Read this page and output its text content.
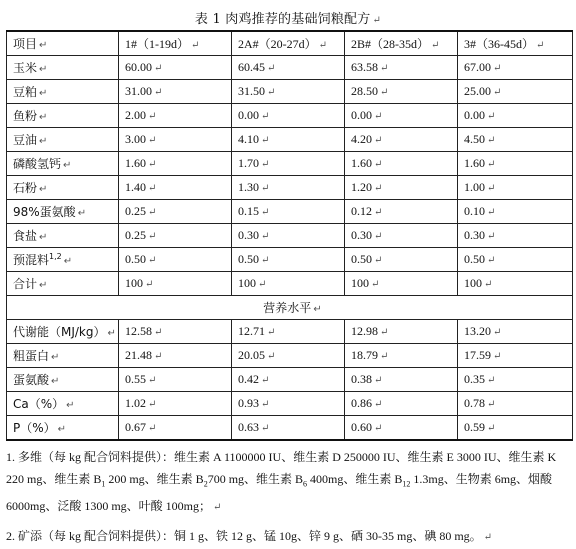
表 1 肉鸡推荐的基础饲粮配方 ↵
项目 ↵	1#（1-19d） ↵	2A#（20-27d） ↵	2B#（28-35d） ↵	3#（36-45d） ↵
玉米 ↵	60.00 ↵	60.45 ↵	63.58 ↵	67.00 ↵
豆粕 ↵	31.00 ↵	31.50 ↵	28.50 ↵	25.00 ↵
鱼粉 ↵	2.00 ↵	0.00 ↵	0.00 ↵	0.00 ↵
豆油 ↵	3.00 ↵	4.10 ↵	4.20 ↵	4.50 ↵
磷酸氢钙 ↵	1.60 ↵	1.70 ↵	1.60 ↵	1.60 ↵
石粉 ↵	1.40 ↵	1.30 ↵	1.20 ↵	1.00 ↵
98%蛋氨酸 ↵	0.25 ↵	0.15 ↵	0.12 ↵	0.10 ↵
食盐 ↵	0.25 ↵	0.30 ↵	0.30 ↵	0.30 ↵
预混料$^{1,2}$ ↵	0.50 ↵	0.50 ↵	0.50 ↵	0.50 ↵
合计 ↵	100 ↵	100 ↵	100 ↵	100 ↵
营养水平 ↵				
代谢能（MJ/kg） ↵	12.58 ↵	12.71 ↵	12.98 ↵	13.20 ↵
粗蛋白 ↵	21.48 ↵	20.05 ↵	18.79 ↵	17.59 ↵
蛋氨酸 ↵	0.55 ↵	0.42 ↵	0.38 ↵	0.35 ↵
Ca（%） ↵	1.02 ↵	0.93 ↵	0.86 ↵	0.78 ↵
P（%） ↵	0.67 ↵	0.63 ↵	0.60 ↵	0.59 ↵

1. 多维（每 kg 配合饲料提供）：维生素 A 1100000 IU、维生素 D 250000 IU、维生素 E 3000 IU、维生素 K
220 mg、维生素 $B_1$ 200 mg、维生素 $B_2700$ mg、维生素 $B_6$ 400mg、维生素 $B_{12}$ 1.3mg、生物素 6mg、烟酸
6000mg、泛酸 1300 mg、叶酸 100mg； ↵

2. 矿添（每 kg 配合饲料提供）：铜 1 g、铁 12 g、锰 10g、锌 9 g、硒 30-35 mg、碘 80 mg。 ↵
